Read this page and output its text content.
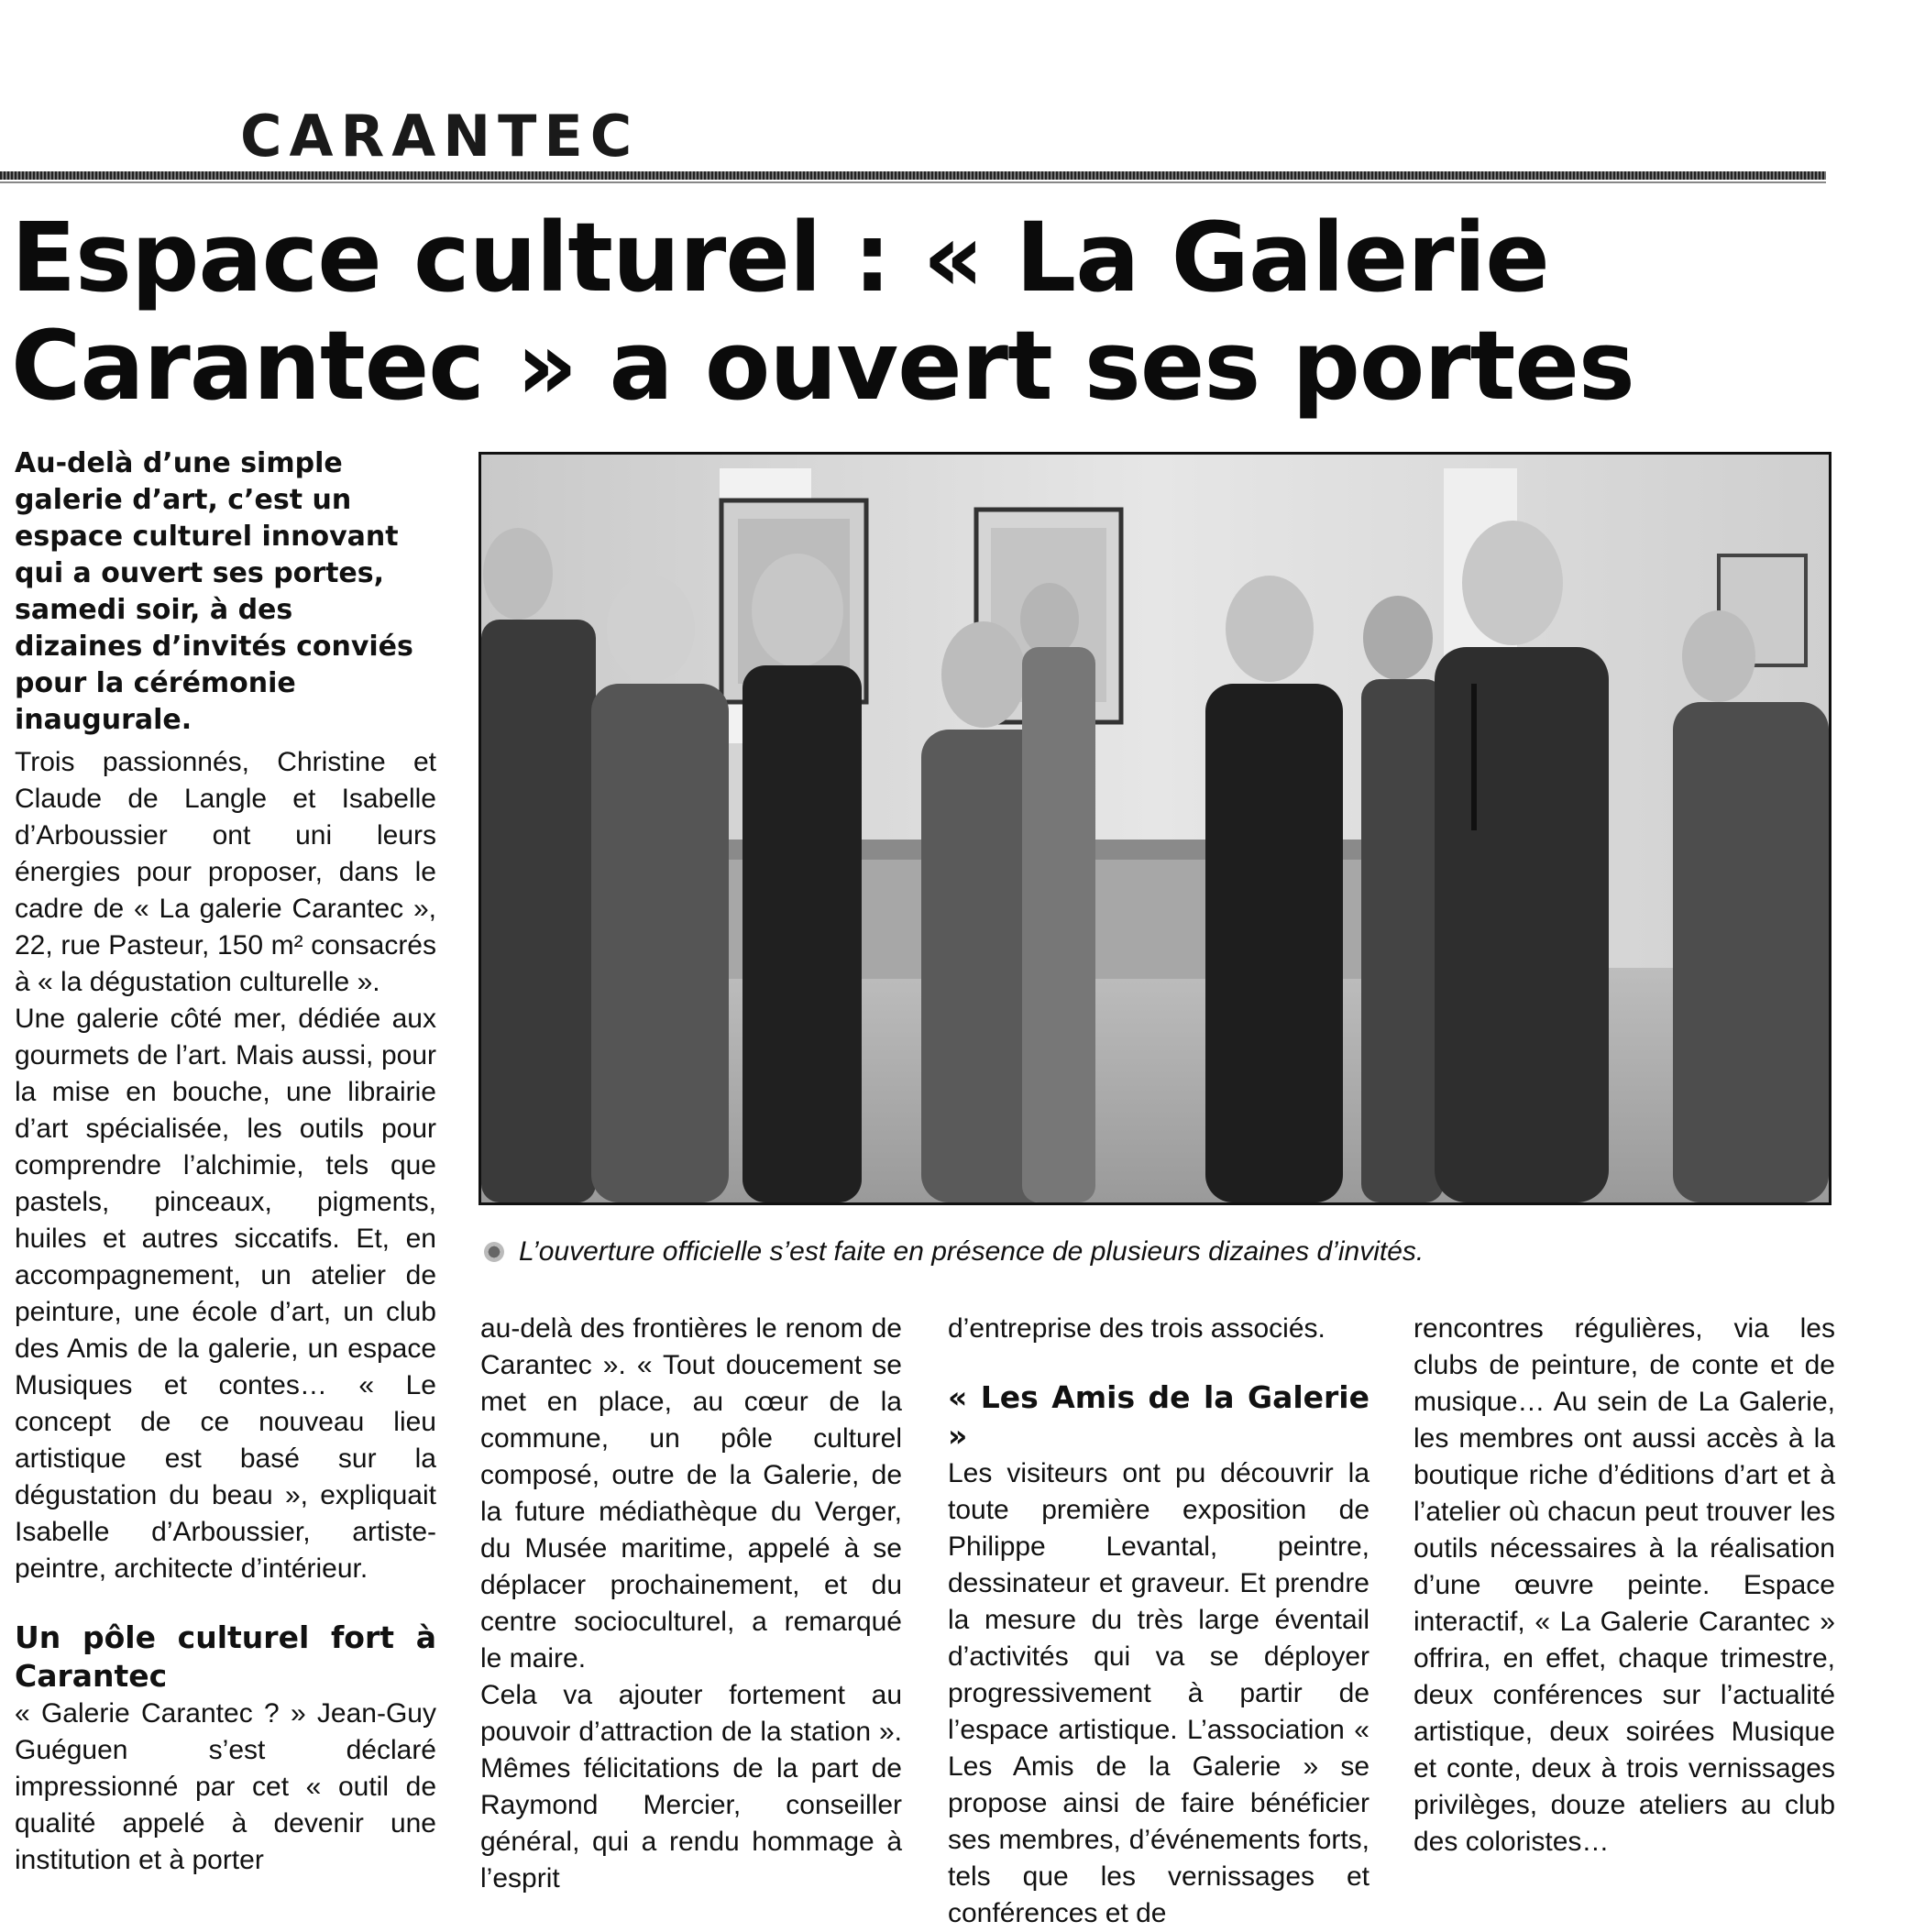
CARANTEC
Espace culturel : « La Galerie
Carantec » a ouvert ses portes

Au-delà d’une simple galerie d’art, c’est un espace culturel innovant qui a ouvert ses portes, samedi soir, à des dizaines d’invités conviés pour la cérémonie inaugurale.

Trois passionnés, Christine et Claude de Langle et Isabelle d’Arboussier ont uni leurs énergies pour proposer, dans le cadre de « La galerie Carantec », 22, rue Pasteur, 150 m² consacrés à « la dégustation culturelle ».

Une galerie côté mer, dédiée aux gourmets de l’art. Mais aussi, pour la mise en bouche, une librairie d’art spécialisée, les outils pour comprendre l’alchimie, tels que pastels, pinceaux, pigments, huiles et autres siccatifs. Et, en accompagnement, un atelier de peinture, une école d’art, un club des Amis de la galerie, un espace Musiques et contes… « Le concept de ce nouveau lieu artistique est basé sur la dégustation du beau », expliquait Isabelle d’Arboussier, artiste-peintre, architecte d’intérieur.

Un pôle culturel fort à Carantec

« Galerie Carantec ? » Jean-Guy Guéguen s’est déclaré impressionné par cet « outil de qualité appelé à devenir une institution et à porter

L’ouverture officielle s’est faite en présence de plusieurs dizaines d’invités.

au-delà des frontières le renom de Carantec ». « Tout doucement se met en place, au cœur de la commune, un pôle culturel composé, outre de la Galerie, de la future médiathèque du Verger, du Musée maritime, appelé à se déplacer prochainement, et du centre socioculturel, a remarqué le maire.

Cela va ajouter fortement au pouvoir d’attraction de la station ». Mêmes félicitations de la part de Raymond Mercier, conseiller général, qui a rendu hommage à l’esprit

d’entreprise des trois associés.

« Les Amis de la Galerie »

Les visiteurs ont pu découvrir la toute première exposition de Philippe Levantal, peintre, dessinateur et graveur. Et prendre la mesure du très large éventail d’activités qui va se déployer progressivement à partir de l’espace artistique. L’association « Les Amis de la Galerie » se propose ainsi de faire bénéficier ses membres, d’événements forts, tels que les vernissages et conférences et de

rencontres régulières, via les clubs de peinture, de conte et de musique… Au sein de La Galerie, les membres ont aussi accès à la boutique riche d’éditions d’art et à l’atelier où chacun peut trouver les outils nécessaires à la réalisation d’une œuvre peinte. Espace interactif, « La Galerie Carantec » offrira, en effet, chaque trimestre, deux conférences sur l’actualité artistique, deux soirées Musique et conte, deux à trois vernissages privilèges, douze ateliers au club des coloristes…
